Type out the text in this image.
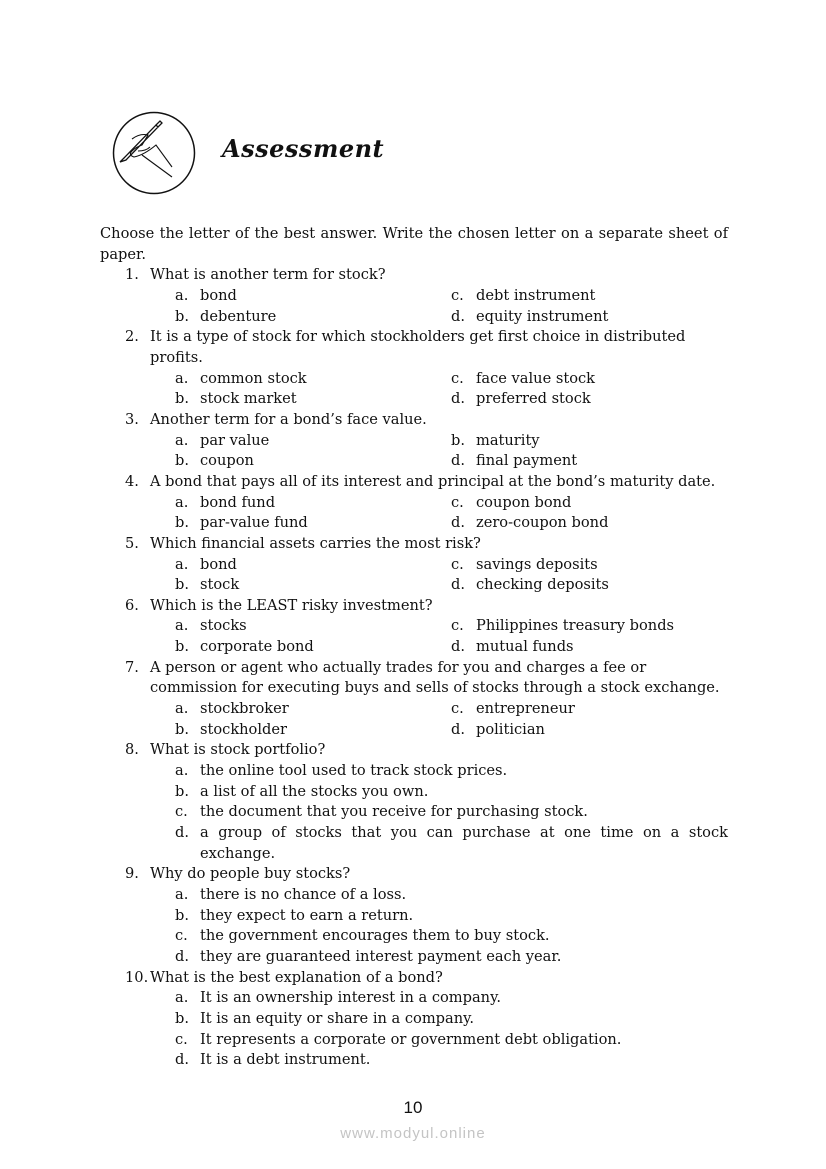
Assessment
Choose the letter of the best answer. Write the chosen letter on a separate sheet of paper.
1. What is another term for stock?
a. bond	c. debt instrument
b. debenture	d. equity instrument
2. It is a type of stock for which stockholders get first choice in distributed profits.
a. common stock	c. face value stock
b. stock market	d. preferred stock
3. Another term for a bond’s face value.
a. par value	b. maturity
b. coupon	d. final payment
4. A bond that pays all of its interest and principal at the bond’s maturity date.
a. bond fund	c. coupon bond
b. par-value fund	d. zero-coupon bond
5. Which financial assets carries the most risk?
a. bond	c. savings deposits
b. stock	d. checking deposits
6. Which is the LEAST risky investment?
a. stocks	c. Philippines treasury bonds
b. corporate bond	d. mutual funds
7. A person or agent who actually trades for you and charges a fee or commission for executing buys and sells of stocks through a stock exchange.
a. stockbroker	c. entrepreneur
b. stockholder	d. politician
8. What is stock portfolio?
a. the online tool used to track stock prices.
b. a list of all the stocks you own.
c. the document that you receive for purchasing stock.
d. a group of stocks that you can purchase at one time on a stock exchange.
9. Why do people buy stocks?
a. there is no chance of a loss.
b. they expect to earn a return.
c. the government encourages them to buy stock.
d. they are guaranteed interest payment each year.
10. What is the best explanation of a bond?
a. It is an ownership interest in a company.
b. It is an equity or share in a company.
c. It represents a corporate or government debt obligation.
d. It is a debt instrument.
10
www.modyul.online
